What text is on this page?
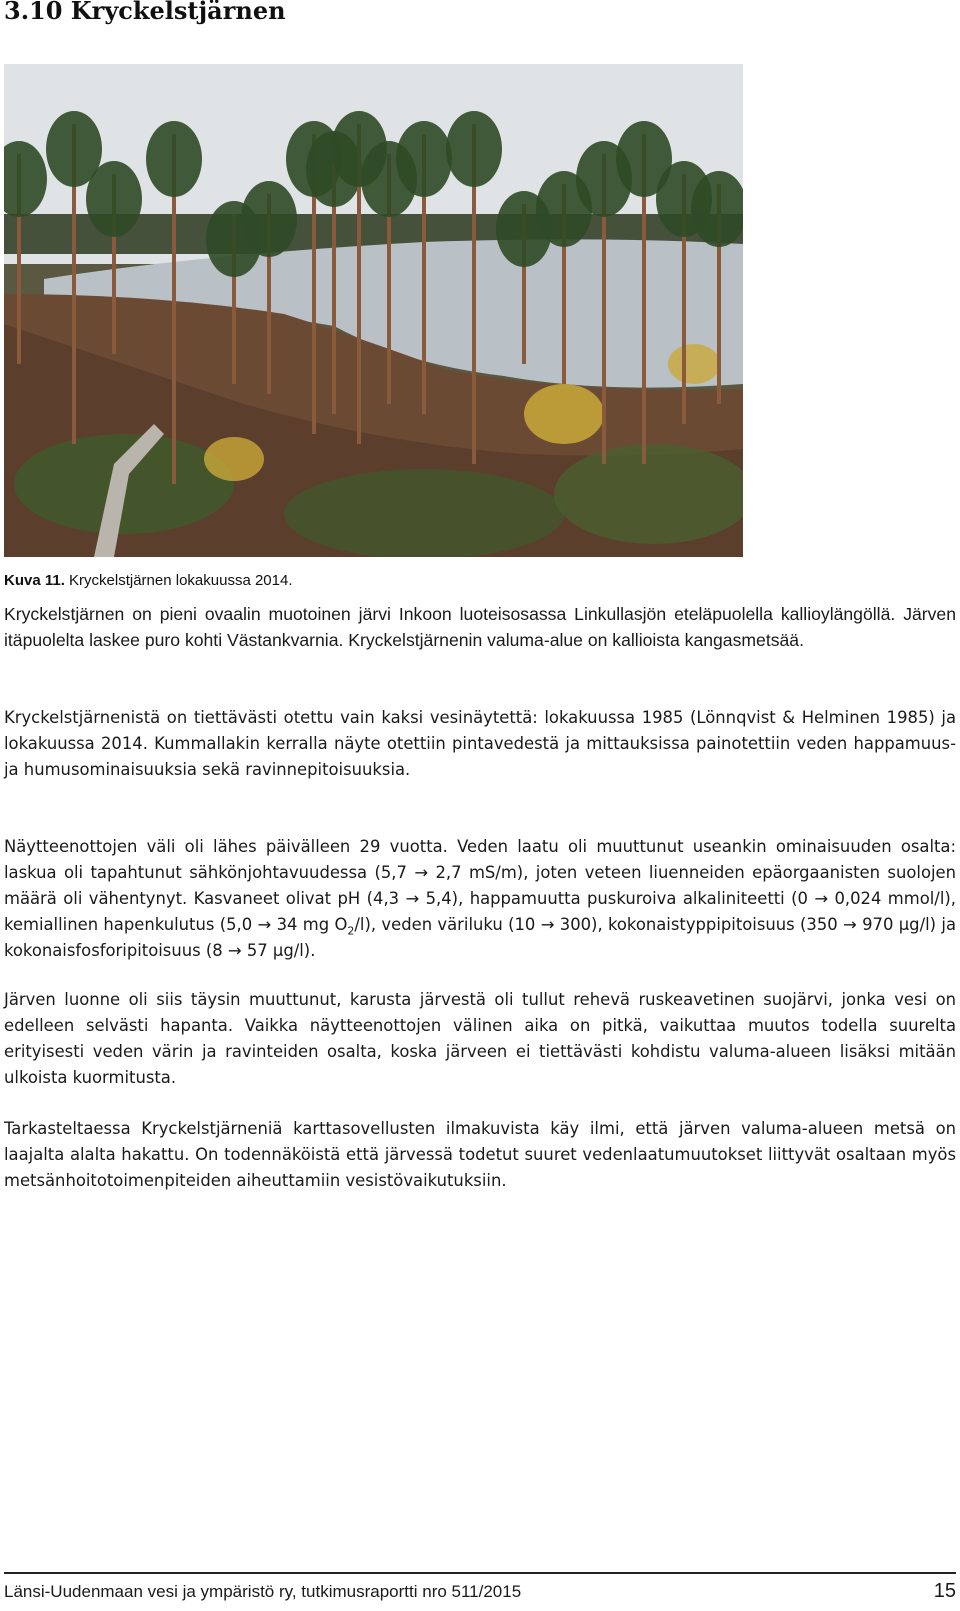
3.10 Kryckelstjärnen
Kuva 11. Kryckelstjärnen lokakuussa 2014.

Kryckelstjärnen on pieni ovaalin muotoinen järvi Inkoon luoteisosassa Linkullasjön eteläpuolella kallioylängöllä. Järven itäpuolelta laskee puro kohti Västankvarnia. Kryckelstjärnenin valuma-alue on kallioista kangasmetsää.

Kryckelstjärnenistä on tiettävästi otettu vain kaksi vesinäytettä: lokakuussa 1985 (Lönnqvist & Helminen 1985) ja lokakuussa 2014. Kummallakin kerralla näyte otettiin pintavedestä ja mittauksissa painotettiin veden happamuus- ja humusominaisuuksia sekä ravinnepitoisuuksia.

Näytteenottojen väli oli lähes päivälleen 29 vuotta. Veden laatu oli muuttunut useankin ominaisuuden osalta: laskua oli tapahtunut sähkönjohtavuudessa (5,7 → 2,7 mS/m), joten veteen liuenneiden epäorgaanisten suolojen määrä oli vähentynyt. Kasvaneet olivat pH (4,3 → 5,4), happamuutta puskuroiva alkaliniteetti (0 → 0,024 mmol/l), kemiallinen hapenkulutus (5,0 → 34 mg $O_2/l$), veden väriluku (10 → 300), kokonaistyppipitoisuus (350 → 970 µg/l) ja kokonaisfosforipitoisuus (8 → 57 µg/l).

Järven luonne oli siis täysin muuttunut, karusta järvestä oli tullut rehevä ruskeavetinen suojärvi, jonka vesi on edelleen selvästi hapanta. Vaikka näytteenottojen välinen aika on pitkä, vaikuttaa muutos todella suurelta erityisesti veden värin ja ravinteiden osalta, koska järveen ei tiettävästi kohdistu valuma-alueen lisäksi mitään ulkoista kuormitusta.

Tarkasteltaessa Kryckelstjärneniä karttasovellusten ilmakuvista käy ilmi, että järven valuma-alueen metsä on laajalta alalta hakattu. On todennäköistä että järvessä todetut suuret vedenlaatumuutokset liittyvät osaltaan myös metsänhoitotoimenpiteiden aiheuttamiin vesistövaikutuksiin.

Länsi-Uudenmaan vesi ja ympäristö ry, tutkimusraportti nro 511/2015	15
